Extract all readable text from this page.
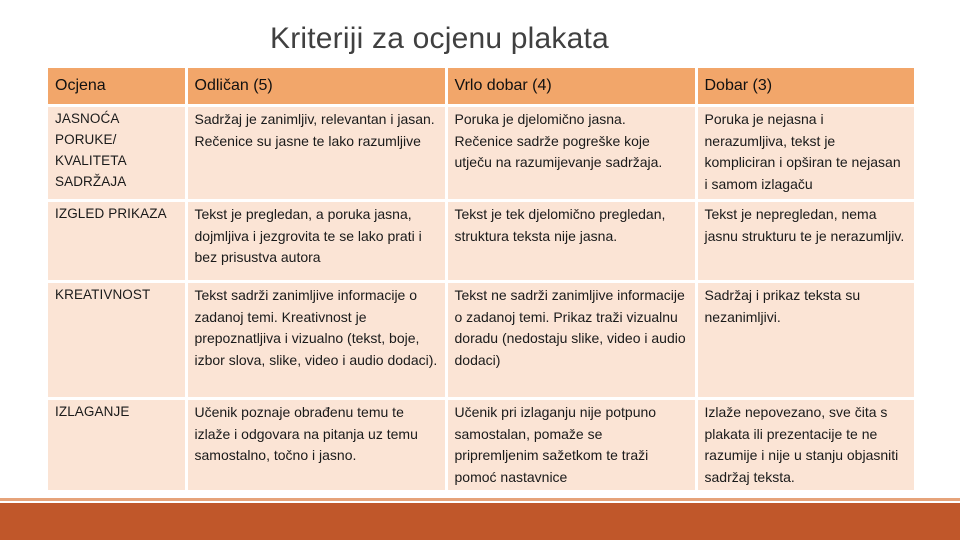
Kriteriji za ocjenu plakata
Ocjena	Odličan (5)	Vrlo dobar (4)	Dobar (3)
JASNOĆA PORUKE/ KVALITETA SADRŽAJA	Sadržaj je zanimljiv, relevantan i jasan. Rečenice su jasne te lako razumljive	Poruka je djelomično jasna. Rečenice sadrže pogreške koje utječu na razumijevanje sadržaja.	Poruka je nejasna i nerazumljiva, tekst je kompliciran i opširan te nejasan i samom izlagaču
IZGLED PRIKAZA	Tekst je pregledan, a poruka jasna, dojmljiva i jezgrovita te se lako prati i bez prisustva autora	Tekst je tek djelomično pregledan, struktura teksta nije jasna.	Tekst je nepregledan, nema jasnu strukturu te je nerazumljiv.
KREATIVNOST	Tekst sadrži zanimljive informacije o zadanoj temi. Kreativnost je prepoznatljiva i vizualno (tekst, boje, izbor slova, slike, video i audio dodaci).	Tekst ne sadrži zanimljive informacije o zadanoj temi. Prikaz traži vizualnu doradu (nedostaju slike, video i audio dodaci)	Sadržaj i prikaz teksta su nezanimljivi.
IZLAGANJE	Učenik poznaje obrađenu temu te izlaže i odgovara na pitanja uz temu samostalno, točno i jasno.	Učenik pri izlaganju nije potpuno samostalan, pomaže se pripremljenim sažetkom te traži pomoć nastavnice	Izlaže nepovezano, sve čita s plakata ili prezentacije te ne razumije i nije u stanju objasniti sadržaj teksta.
